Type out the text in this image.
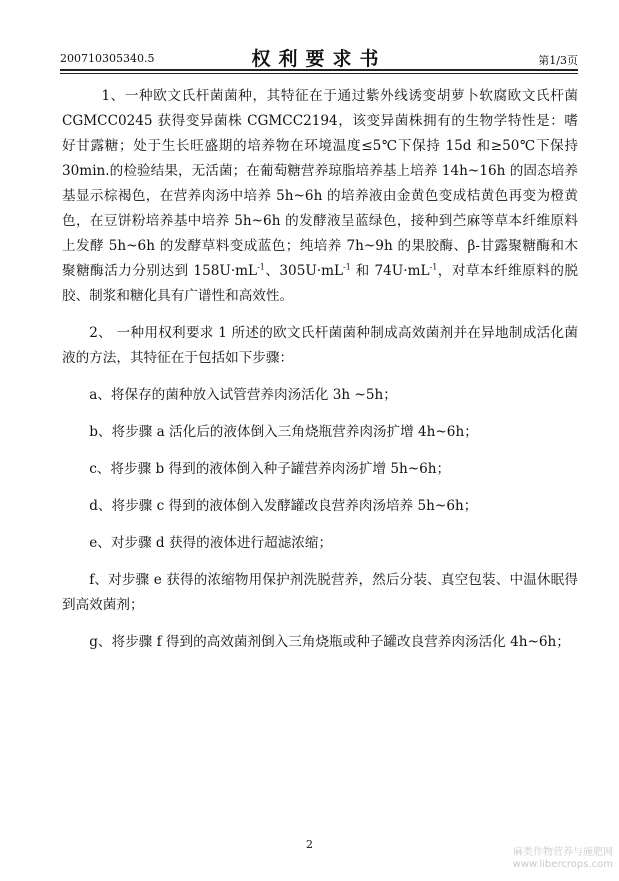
200710305340.5	权利要求书	第1/3页

1、一种欧文氏杆菌菌种，其特征在于通过紫外线诱变胡萝卜软腐欧文氏杆菌 CGMCC0245 获得变异菌株 CGMCC2194，该变异菌株拥有的生物学特性是：嗜好甘露糖；处于生长旺盛期的培养物在环境温度≤5℃下保持 15d 和≥50℃下保持 30min.的检验结果，无活菌；在葡萄糖营养琼脂培养基上培养 14h~16h 的固态培养基显示棕褐色，在营养肉汤中培养 5h~6h 的培养液由金黄色变成桔黄色再变为橙黄色，在豆饼粉培养基中培养 5h~6h 的发酵液呈蓝绿色，接种到苎麻等草本纤维原料上发酵 5h~6h 的发酵草料变成蓝色；纯培养 7h~9h 的果胶酶、β-甘露聚糖酶和木聚糖酶活力分别达到 $158U\cdot mL^{-1}$、$305U\cdot mL^{-1}$ 和 $74U\cdot mL^{-1}$，对草本纤维原料的脱胶、制浆和糖化具有广谱性和高效性。

2、 一种用权利要求 1 所述的欧文氏杆菌菌种制成高效菌剂并在异地制成活化菌液的方法，其特征在于包括如下步骤：

a、将保存的菌种放入试管营养肉汤活化 3h ~5h；

b、将步骤 a 活化后的液体倒入三角烧瓶营养肉汤扩增 4h~6h；

c、将步骤 b 得到的液体倒入种子罐营养肉汤扩增 5h~6h；

d、将步骤 c 得到的液体倒入发酵罐改良营养肉汤培养 5h~6h；

e、对步骤 d 获得的液体进行超滤浓缩；

f、对步骤 e 获得的浓缩物用保护剂洗脱营养，然后分装、真空包装、中温休眠得到高效菌剂；

g、将步骤 f 得到的高效菌剂倒入三角烧瓶或种子罐改良营养肉汤活化 4h~6h；

2
麻类作物营养与施肥网
www.libercrops.com
